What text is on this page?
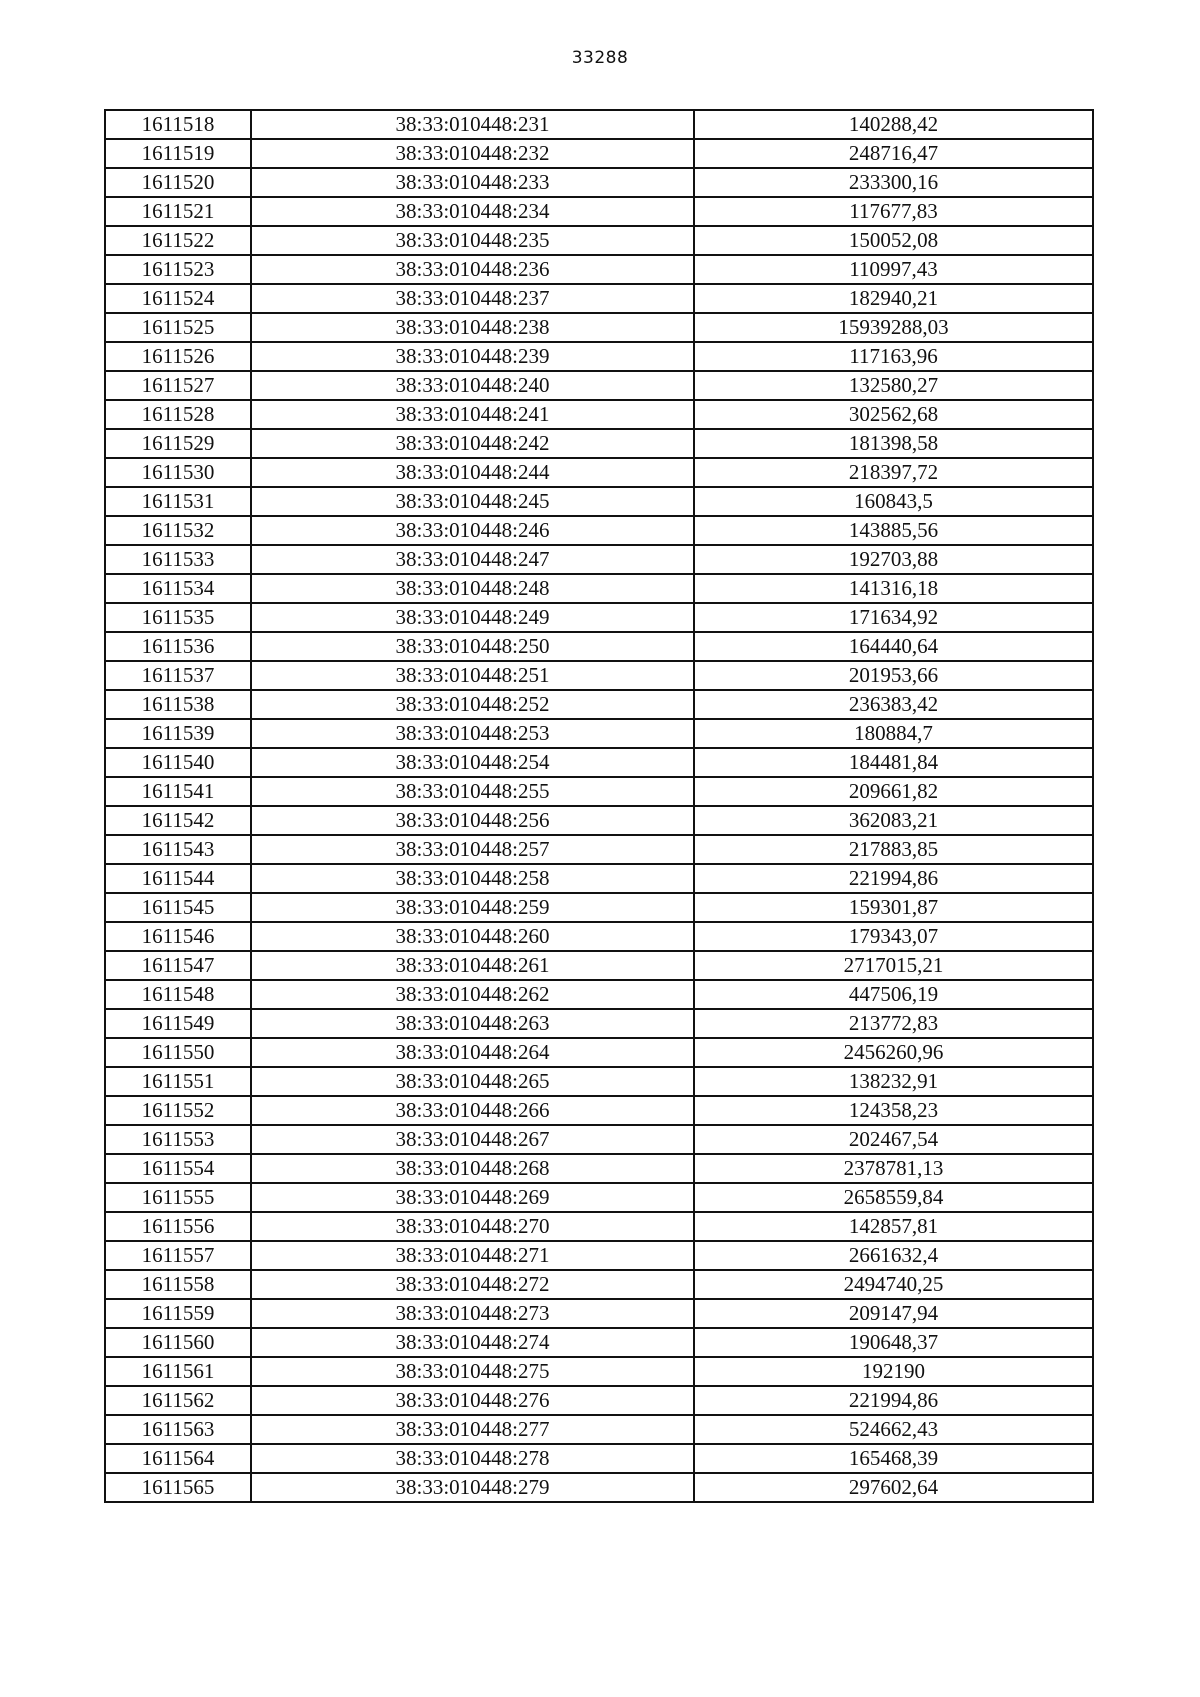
33288
1611518	38:33:010448:231	140288,42
1611519	38:33:010448:232	248716,47
1611520	38:33:010448:233	233300,16
1611521	38:33:010448:234	117677,83
1611522	38:33:010448:235	150052,08
1611523	38:33:010448:236	110997,43
1611524	38:33:010448:237	182940,21
1611525	38:33:010448:238	15939288,03
1611526	38:33:010448:239	117163,96
1611527	38:33:010448:240	132580,27
1611528	38:33:010448:241	302562,68
1611529	38:33:010448:242	181398,58
1611530	38:33:010448:244	218397,72
1611531	38:33:010448:245	160843,5
1611532	38:33:010448:246	143885,56
1611533	38:33:010448:247	192703,88
1611534	38:33:010448:248	141316,18
1611535	38:33:010448:249	171634,92
1611536	38:33:010448:250	164440,64
1611537	38:33:010448:251	201953,66
1611538	38:33:010448:252	236383,42
1611539	38:33:010448:253	180884,7
1611540	38:33:010448:254	184481,84
1611541	38:33:010448:255	209661,82
1611542	38:33:010448:256	362083,21
1611543	38:33:010448:257	217883,85
1611544	38:33:010448:258	221994,86
1611545	38:33:010448:259	159301,87
1611546	38:33:010448:260	179343,07
1611547	38:33:010448:261	2717015,21
1611548	38:33:010448:262	447506,19
1611549	38:33:010448:263	213772,83
1611550	38:33:010448:264	2456260,96
1611551	38:33:010448:265	138232,91
1611552	38:33:010448:266	124358,23
1611553	38:33:010448:267	202467,54
1611554	38:33:010448:268	2378781,13
1611555	38:33:010448:269	2658559,84
1611556	38:33:010448:270	142857,81
1611557	38:33:010448:271	2661632,4
1611558	38:33:010448:272	2494740,25
1611559	38:33:010448:273	209147,94
1611560	38:33:010448:274	190648,37
1611561	38:33:010448:275	192190
1611562	38:33:010448:276	221994,86
1611563	38:33:010448:277	524662,43
1611564	38:33:010448:278	165468,39
1611565	38:33:010448:279	297602,64
